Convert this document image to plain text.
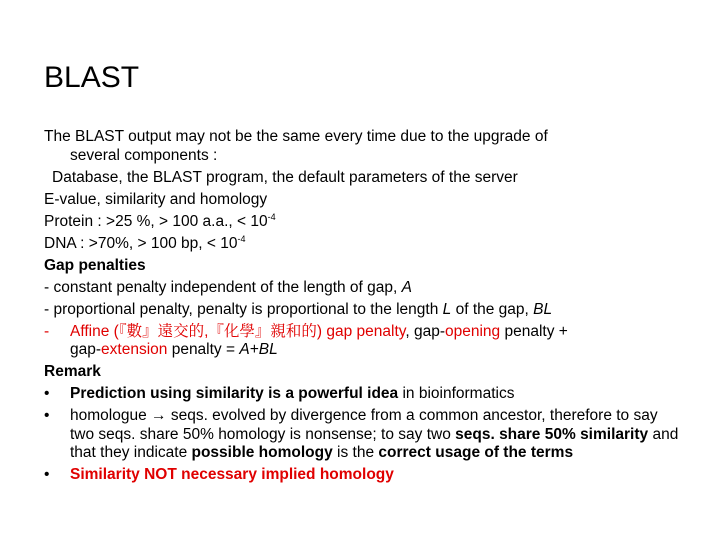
BLAST
The BLAST output may not be the same every time due to the upgrade of
several components :
Database, the BLAST program, the default parameters of the server
E-value, similarity and homology
Protein : >25 %, > 100 a.a., < $10^{-4}$
DNA : >70%, > 100 bp, < $10^{-4}$
Gap penalties
- constant penalty independent of the length of gap, A
- proportional penalty, penalty is proportional to the length L of the gap, BL
-	Affine (『數』遠交的,『化學』親和的) gap penalty, gap-opening penalty +
gap-extension penalty = A+BL
Remark
•	Prediction using similarity is a powerful idea in bioinformatics
•	homologue → seqs. evolved by divergence from a common ancestor, therefore to say two seqs. share 50% homology is nonsense; to say two seqs. share 50% similarity and that they indicate possible homology is the correct usage of the terms
•	Similarity NOT necessary implied homology
